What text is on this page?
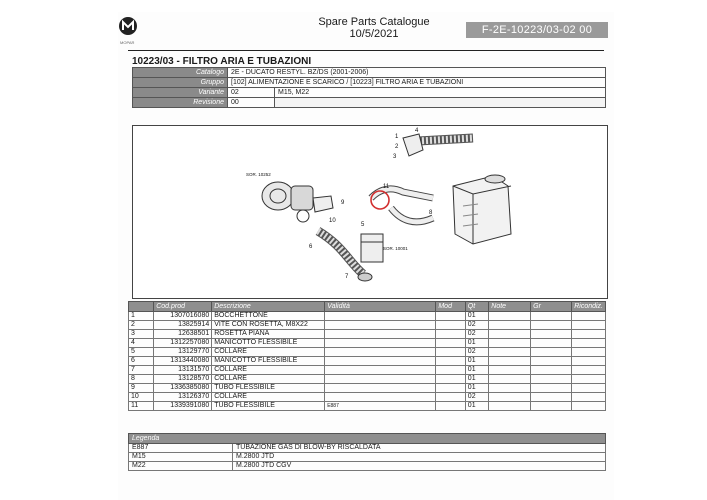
MOPAR
Spare Parts Catalogue
10/5/2021	F-2E-10223/03-02 00
10223/03 - FILTRO ARIA E TUBAZIONI
Catalogo	2E - DUCATO RESTYL. BZ/DS (2001-2006)	
Gruppo	[102] ALIMENTAZIONE E SCARICO / [10223] FILTRO ARIA E TUBAZIONI	
Variante	02	M15, M22
Revisione	00	
1
2
3
4
5
6
7
8
9
10
11
SOR. 10252
SOR. 10001
	Cod.prod	Descrizione	Validità	Mod	Qt	Note	Gr	Ricondiz.
1	1307016080	BOCCHETTONE			01			
2	13825914	VITE CON ROSETTA, M8X22			02			
3	12638501	ROSETTA PIANA			02			
4	1312257080	MANICOTTO FLESSIBILE			01			
5	13129770	COLLARE			02			
6	1313440080	MANICOTTO FLESSIBILE			01			
7	13131570	COLLARE			01			
8	13128570	COLLARE			01			
9	1336385080	TUBO FLESSIBILE			01			
10	13126370	COLLARE			02			
11	1339391080	TUBO FLESSIBILE	E887		01			
Legenda	
E887	TUBAZIONE GAS DI BLOW-BY RISCALDATA
M15	M.2800 JTD
M22	M.2800 JTD CGV
